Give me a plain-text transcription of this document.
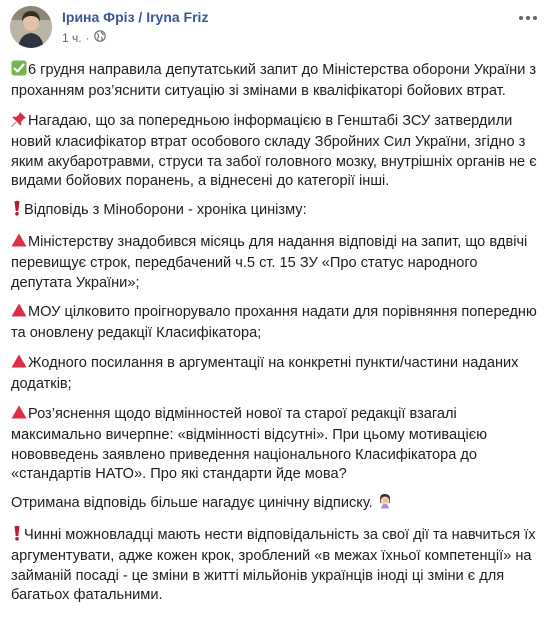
Ірина Фріз / Iryna Friz
1 ч. ·

6 грудня направила депутатський запит до Міністерства оборони України з проханням роз’яснити ситуацію зі змінами в кваліфікаторі бойових втрат.

Нагадаю, що за попередньою інформацією в Генштабі ЗСУ затвердили новий класифікатор втрат особового складу Збройних Сил України, згідно з яким акубаротравми, струси та забої головного мозку, внутрішніх органів не є видами бойових поранень, а віднесені до категорії інші.

Відповідь з Міноборони - хроніка цинізму:

Міністерству знадобився місяць для надання відповіді на запит, що вдвічі перевищує строк, передбачений ч.5 ст. 15 ЗУ «Про статус народного депутата України»;

МОУ цілковито проігнорувало прохання надати для порівняння попередню та оновлену редакції Класифікатора;

Жодного посилання в аргументації на конкретні пункти/частини наданих додатків;

Роз’яснення щодо відмінностей нової та старої редакції взагалі максимально вичерпне: «відмінності відсутні». При цьому мотивацією нововведень заявлено приведення національного Класифікатора до «стандартів НАТО». Про які стандарти йде мова?

Отримана відповідь більше нагадує цинічну відписку.

Чинні можновладці мають нести відповідальність за свої дії та навчиться їх аргументувати, адже кожен крок, зроблений «в межах їхньої компетенції» на займаній посаді - це зміни в житті мільйонів українців іноді ці зміни є для багатьох фатальними.
